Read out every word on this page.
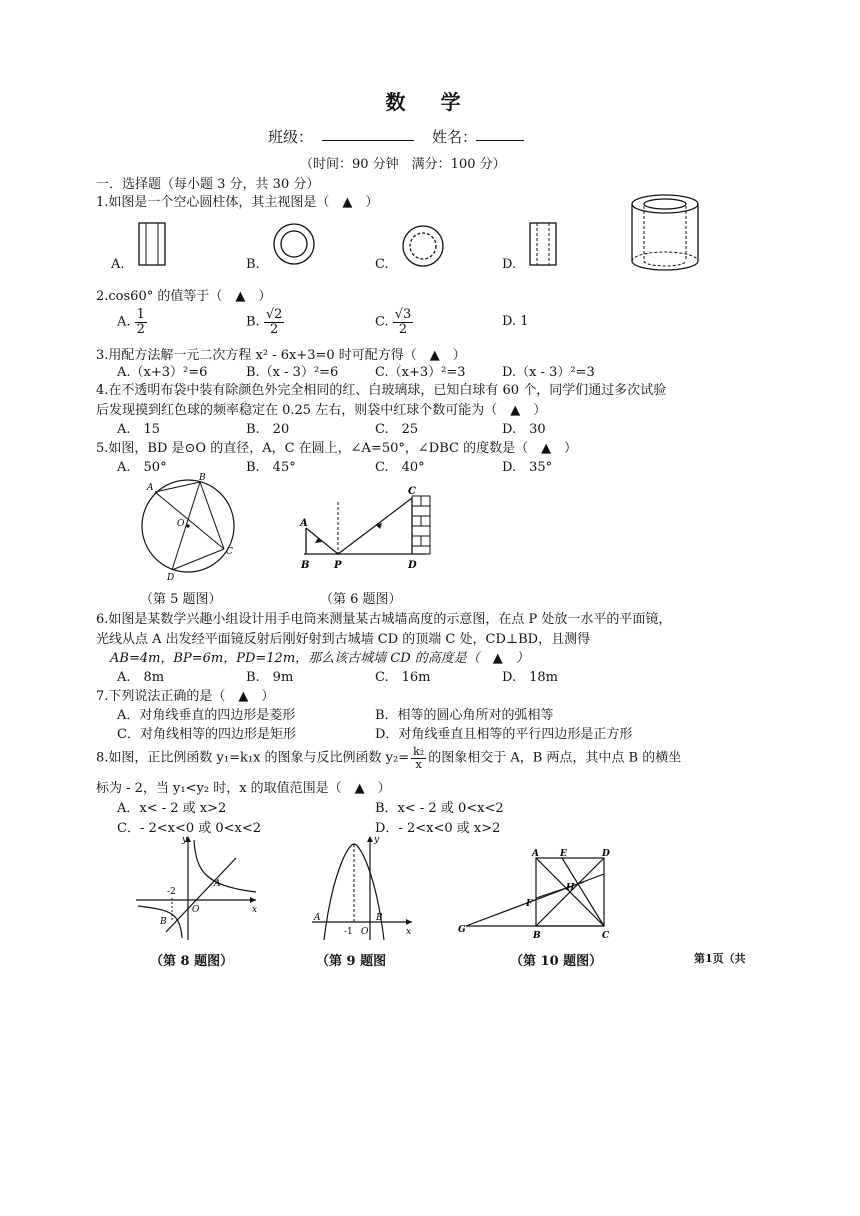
数 学
班级：	姓名：
（时间：90 分钟　满分：100 分）
一．选择题（每小题 3 分，共 30 分）
1.如图是一个空心圆柱体，其主视图是（　▲　）
A.	B.	C.	D.
2.cos60° 的值等于（　▲　）
A. $\frac{1}{2}$	B. $\frac{√2}{2}$	C. $\frac{√3}{2}$	D. 1
3.用配方法解一元二次方程 x² - 6x+3=0 时可配方得（　▲　）
A.（x+3）²=6	B.（x - 3）²=6	C.（x+3）²=3	D.（x - 3）²=3
4.在不透明布袋中装有除颜色外完全相同的红、白玻璃球，已知白球有 60 个，同学们通过多次试验
后发现摸到红色球的频率稳定在 0.25 左右，则袋中红球个数可能为（　▲　）
A.　15	B.　20	C.　25	D.　30
5.如图，BD 是⊙O 的直径，A，C 在圆上，∠A=50°，∠DBC 的度数是（　▲　）
A.　50°	B.　45°	C.　40°	D.　35°
A
B
O
C
D
（第 5 题图）
A
B P	D
C
（第 6 题图）
6.如图是某数学兴趣小组设计用手电筒来测量某古城墙高度的示意图，在点 P 处放一水平的平面镜，
光线从点 A 出发经平面镜反射后刚好射到古城墙 CD 的顶端 C 处，CD⊥BD，且测得
AB=4m，BP=6m，PD=12m，那么该古城墙 CD 的高度是（　▲　）
A.　8m	B.　9m	C.　16m	D.　18m
7.下列说法正确的是（　▲　）
A．对角线垂直的四边形是菱形	B．相等的圆心角所对的弧相等
C．对角线相等的四边形是矩形	D．对角线垂直且相等的平行四边形是正方形
8.如图，正比例函数 y₁=k₁x 的图象与反比例函数 $y_2= \frac{\text{k₂}}{x}$ 的图象相交于 A，B 两点，其中点 B 的横坐
标为 - 2，当 y₁<y₂ 时，x 的取值范围是（　▲　）
A．x< - 2 或 x>2	B．x< - 2 或 0<x<2
C．- 2<x<0 或 0<x<2	D．- 2<x<0 或 x>2
y
x
O
-2
A
B
（第 8 题图）
y
x
A	B
-1 O
（第 9 题图
A E	D
H
F
G
B	C
（第 10 题图）	第1页（共
